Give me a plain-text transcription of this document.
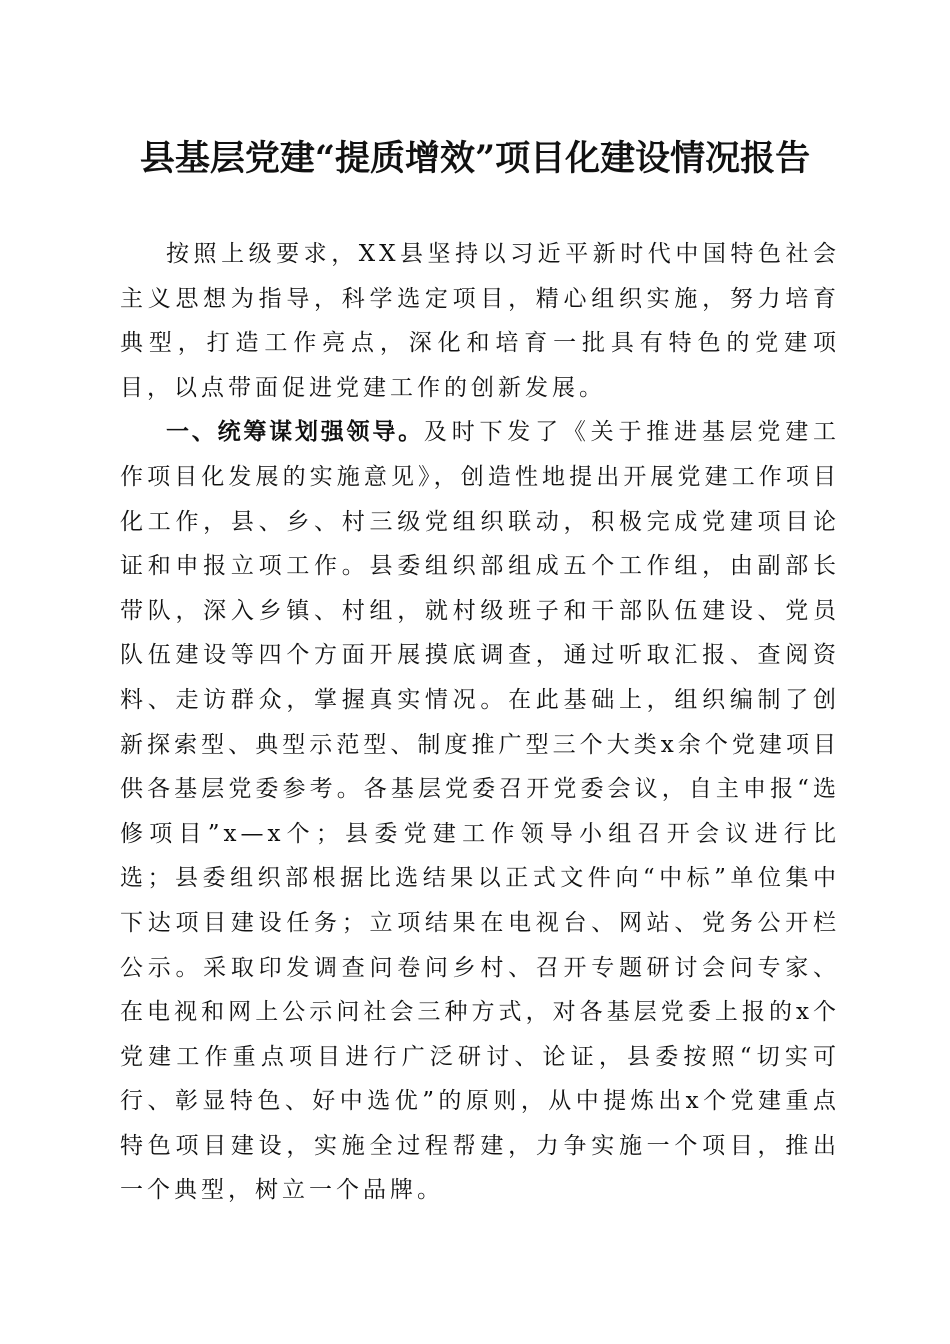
县基层党建“提质增效”项目化建设情况报告

按照上级要求，XX县坚持以习近平新时代中国特色社会主义思想为指导，科学选定项目，精心组织实施，努力培育典型，打造工作亮点，深化和培育一批具有特色的党建项目，以点带面促进党建工作的创新发展。

一、统筹谋划强领导。及时下发了《关于推进基层党建工作项目化发展的实施意见》，创造性地提出开展党建工作项目化工作，县、乡、村三级党组织联动，积极完成党建项目论证和申报立项工作。县委组织部组成五个工作组，由副部长带队，深入乡镇、村组，就村级班子和干部队伍建设、党员队伍建设等四个方面开展摸底调查，通过听取汇报、查阅资料、走访群众，掌握真实情况。在此基础上，组织编制了创新探索型、典型示范型、制度推广型三个大类x余个党建项目供各基层党委参考。各基层党委召开党委会议，自主申报“选修项目”x—x个；县委党建工作领导小组召开会议进行比选；县委组织部根据比选结果以正式文件向“中标”单位集中下达项目建设任务；立项结果在电视台、网站、党务公开栏公示。采取印发调查问卷问乡村、召开专题研讨会问专家、在电视和网上公示问社会三种方式，对各基层党委上报的x个党建工作重点项目进行广泛研讨、论证，县委按照“切实可行、彰显特色、好中选优”的原则，从中提炼出x个党建重点特色项目建设，实施全过程帮建，力争实施一个项目，推出一个典型，树立一个品牌。
